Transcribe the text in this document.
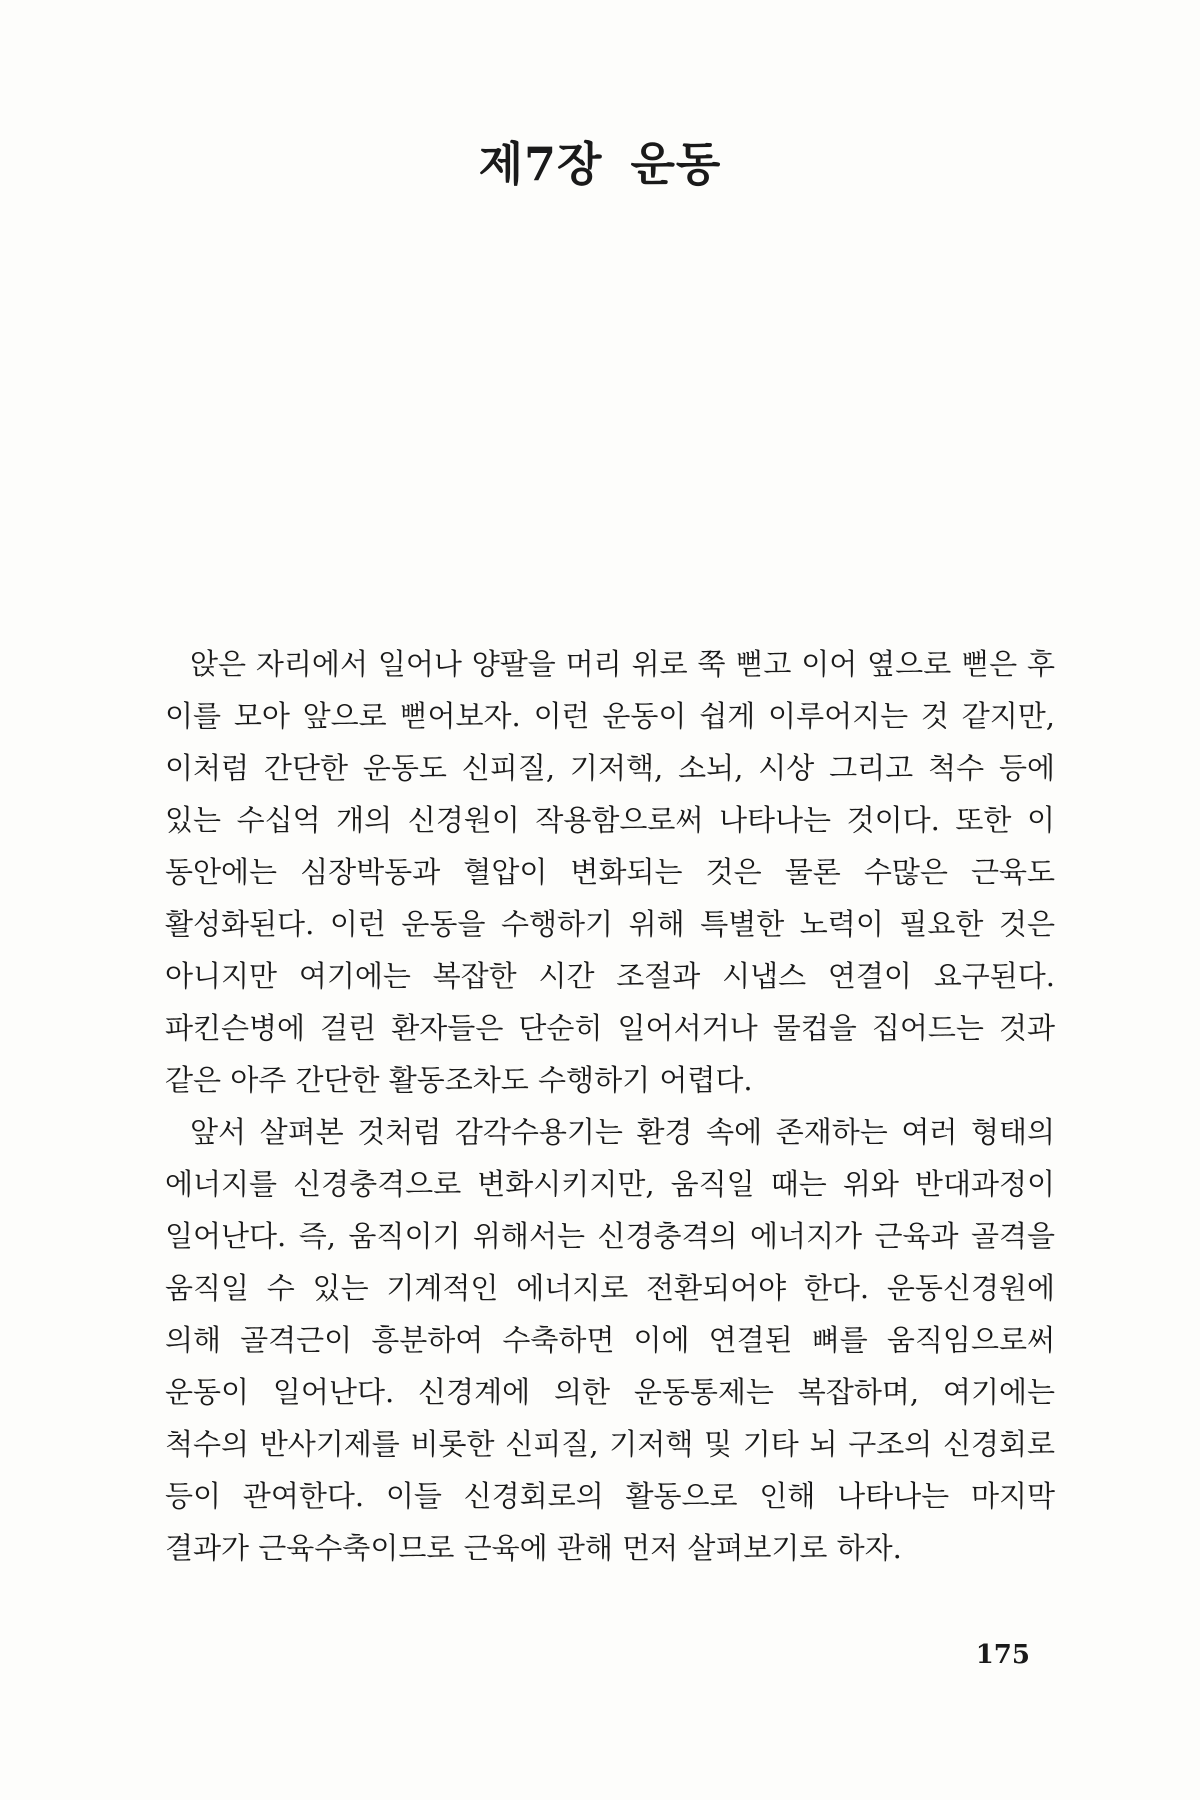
제7장 운동

앉은 자리에서 일어나 양팔을 머리 위로 쭉 뻗고 이어 옆으로 뻗은 후 이를 모아 앞으로 뻗어보자. 이런 운동이 쉽게 이루어지는 것 같지만, 이처럼 간단한 운동도 신피질, 기저핵, 소뇌, 시상 그리고 척수 등에 있는 수십억 개의 신경원이 작용함으로써 나타나는 것이다. 또한 이 동안에는 심장박동과 혈압이 변화되는 것은 물론 수많은 근육도 활성화된다. 이런 운동을 수행하기 위해 특별한 노력이 필요한 것은 아니지만 여기에는 복잡한 시간 조절과 시냅스 연결이 요구된다. 파킨슨병에 걸린 환자들은 단순히 일어서거나 물컵을 집어드는 것과 같은 아주 간단한 활동조차도 수행하기 어렵다.

앞서 살펴본 것처럼 감각수용기는 환경 속에 존재하는 여러 형태의 에너지를 신경충격으로 변화시키지만, 움직일 때는 위와 반대과정이 일어난다. 즉, 움직이기 위해서는 신경충격의 에너지가 근육과 골격을 움직일 수 있는 기계적인 에너지로 전환되어야 한다. 운동신경원에 의해 골격근이 흥분하여 수축하면 이에 연결된 뼈를 움직임으로써 운동이 일어난다. 신경계에 의한 운동통제는 복잡하며, 여기에는 척수의 반사기제를 비롯한 신피질, 기저핵 및 기타 뇌 구조의 신경회로 등이 관여한다. 이들 신경회로의 활동으로 인해 나타나는 마지막 결과가 근육수축이므로 근육에 관해 먼저 살펴보기로 하자.

175
